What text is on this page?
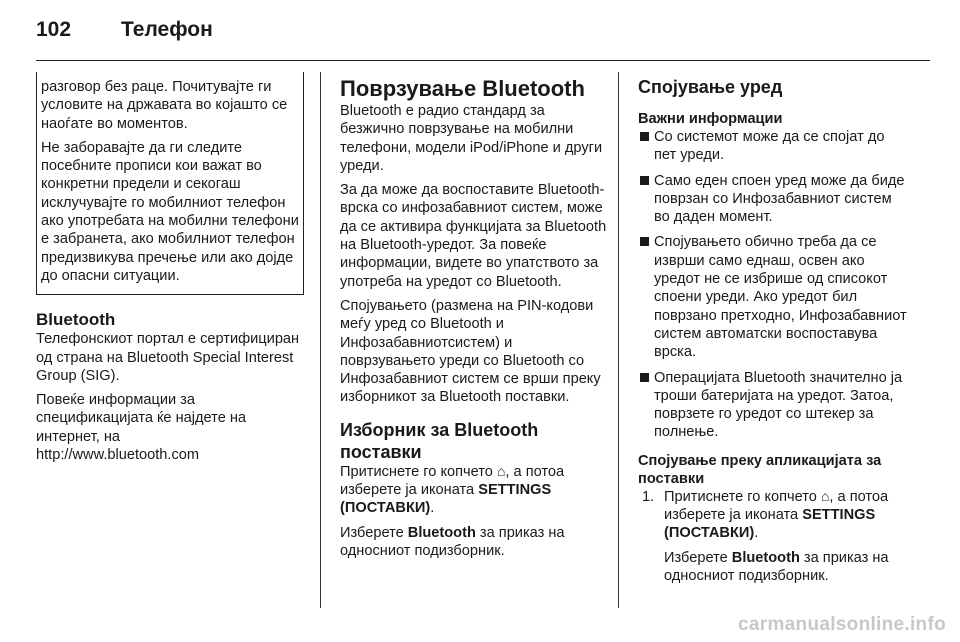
102	Телефон

разговор без раце. Почитувајте ги условите на државата во којашто се наоѓате во моментов.

Не заборавајте да ги следите посебните прописи кои важат во конкретни предели и секогаш исклучувајте го мобилниот телефон ако употребата на мобилни телефони е забранета, ако мобилниот телефон предизвикува пречење или ако дојде до опасни ситуации.

Bluetooth

Телефонскиот портал е сертифициран од страна на Bluetooth Special Interest Group (SIG).

Повеќе информации за спецификацијата ќе најдете на интернет, на

http://www.bluetooth.com
Поврзување Bluetooth

Bluetooth е радио стандард за безжично поврзување на мобилни телефони, модели iPod/iPhone и други уреди.

За да може да воспоставите Bluetooth-врска со инфозабавниот систем, може да се активира функцијата за Bluetooth на Bluetooth-уредот. За повеќе информации, видете во упатството за употреба на уредот со Bluetooth.

Спојувањето (размена на PIN-кодови меѓу уред со Bluetooth и Инфозабавниотсистем) и поврзувањето уреди со Bluetooth со Инфозабавниот систем се врши преку изборникот за Bluetooth поставки.

Изборник за Bluetooth поставки

Притиснете го копчето ⌂, а потоа изберете ја иконата SETTINGS (ПОСТАВКИ).

Изберете Bluetooth за приказ на односниот подизборник.

Спојување уред
Важни информации
Со системот може да се спојат до пет уреди.
Само еден споен уред може да биде поврзан со Инфозабавниот систем во даден момент.
Спојувањето обично треба да се изврши само еднаш, освен ако уредот не се избрише од списокот споени уреди. Ако уредот бил поврзано претходно, Инфозабавниот систем автоматски воспоставува врска.
Операцијата Bluetooth значително ја троши батеријата на уредот. Затоа, поврзете го уредот со штекер за полнење.
Спојување преку апликацијата за поставки
1. Притиснете го копчето ⌂, а потоа изберете ја иконата SETTINGS (ПОСТАВКИ).

Изберете Bluetooth за приказ на односниот подизборник.

carmanualsonline.info
